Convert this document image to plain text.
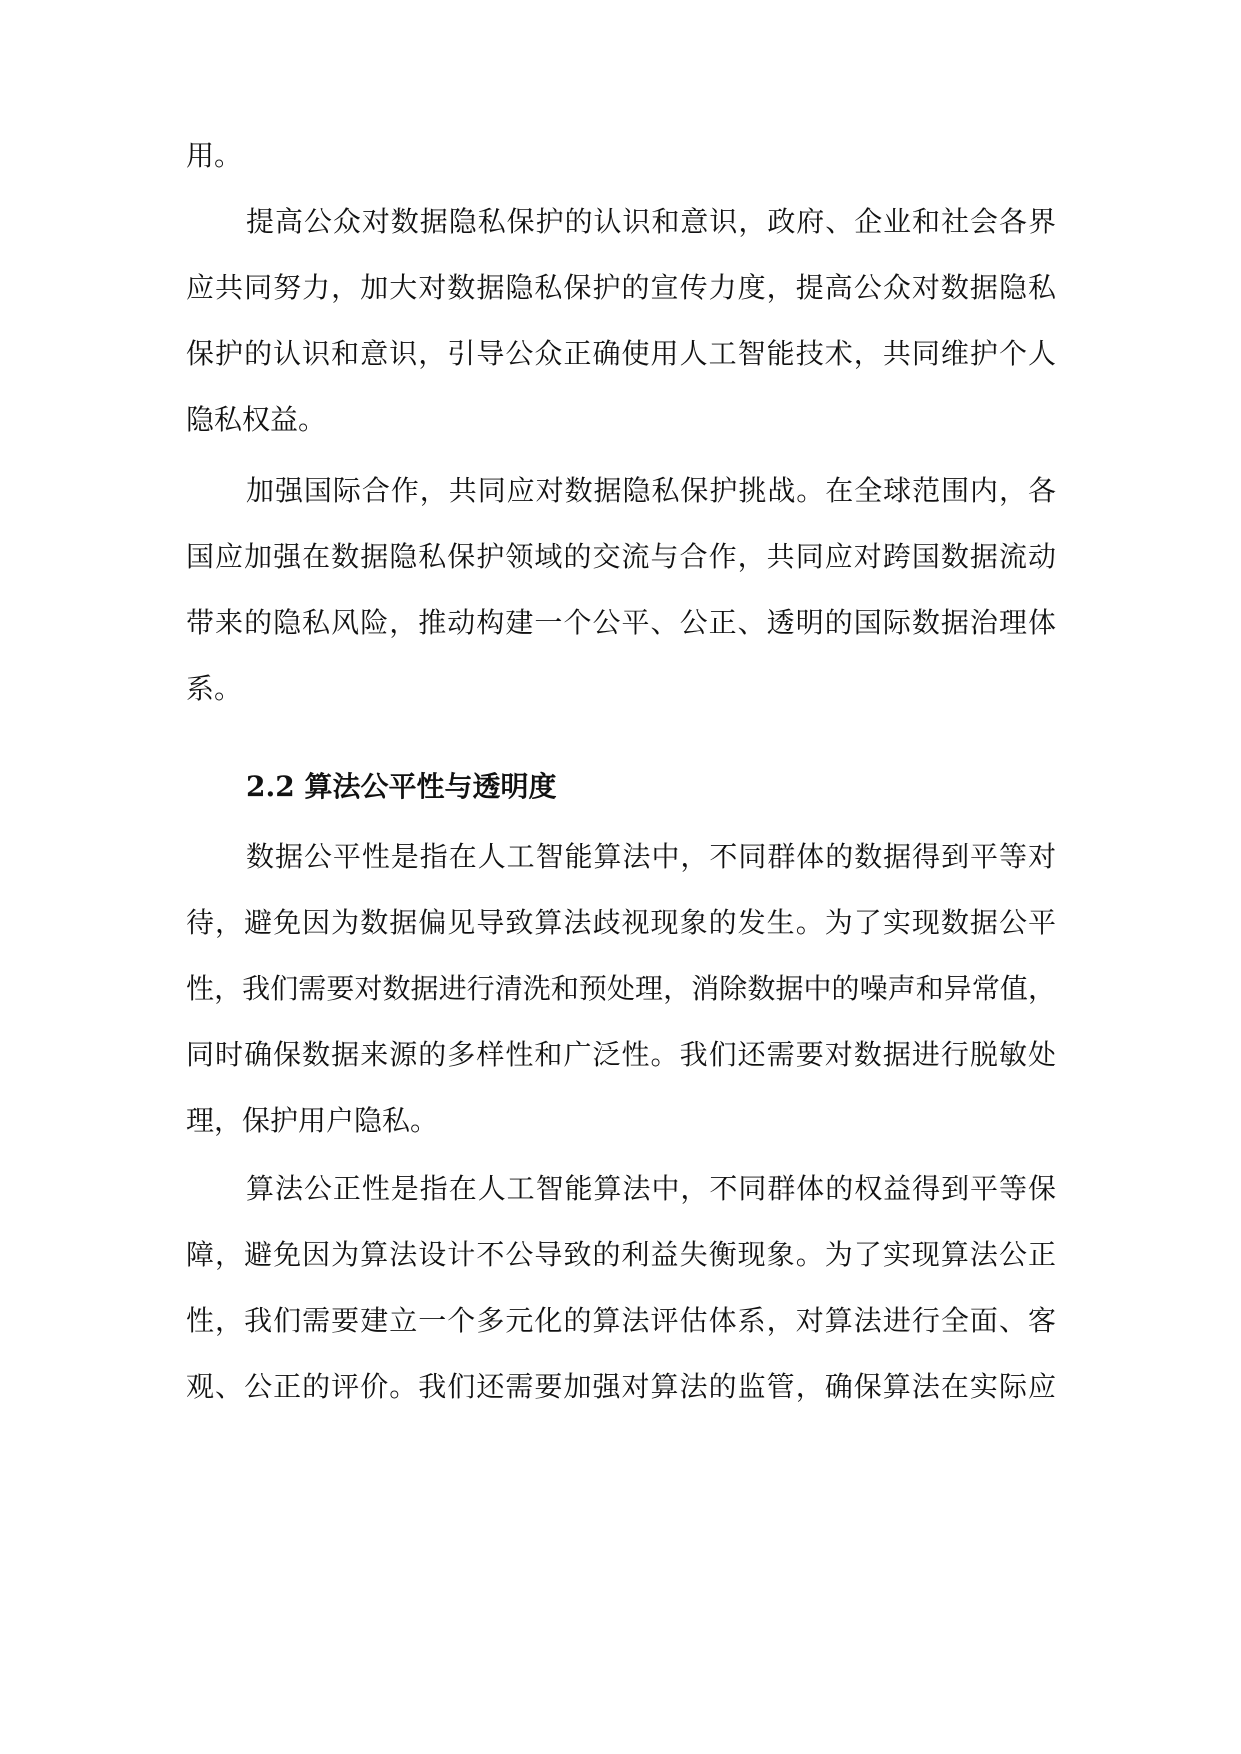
用。
提高公众对数据隐私保护的认识和意识，政府、企业和社会各界
应共同努力，加大对数据隐私保护的宣传力度，提高公众对数据隐私
保护的认识和意识，引导公众正确使用人工智能技术，共同维护个人
隐私权益。
加强国际合作，共同应对数据隐私保护挑战。在全球范围内，各
国应加强在数据隐私保护领域的交流与合作，共同应对跨国数据流动
带来的隐私风险，推动构建一个公平、公正、透明的国际数据治理体
系。
2.2 算法公平性与透明度
数据公平性是指在人工智能算法中，不同群体的数据得到平等对
待，避免因为数据偏见导致算法歧视现象的发生。为了实现数据公平
性，我们需要对数据进行清洗和预处理，消除数据中的噪声和异常值，
同时确保数据来源的多样性和广泛性。我们还需要对数据进行脱敏处
理，保护用户隐私。
算法公正性是指在人工智能算法中，不同群体的权益得到平等保
障，避免因为算法设计不公导致的利益失衡现象。为了实现算法公正
性，我们需要建立一个多元化的算法评估体系，对算法进行全面、客
观、公正的评价。我们还需要加强对算法的监管，确保算法在实际应
